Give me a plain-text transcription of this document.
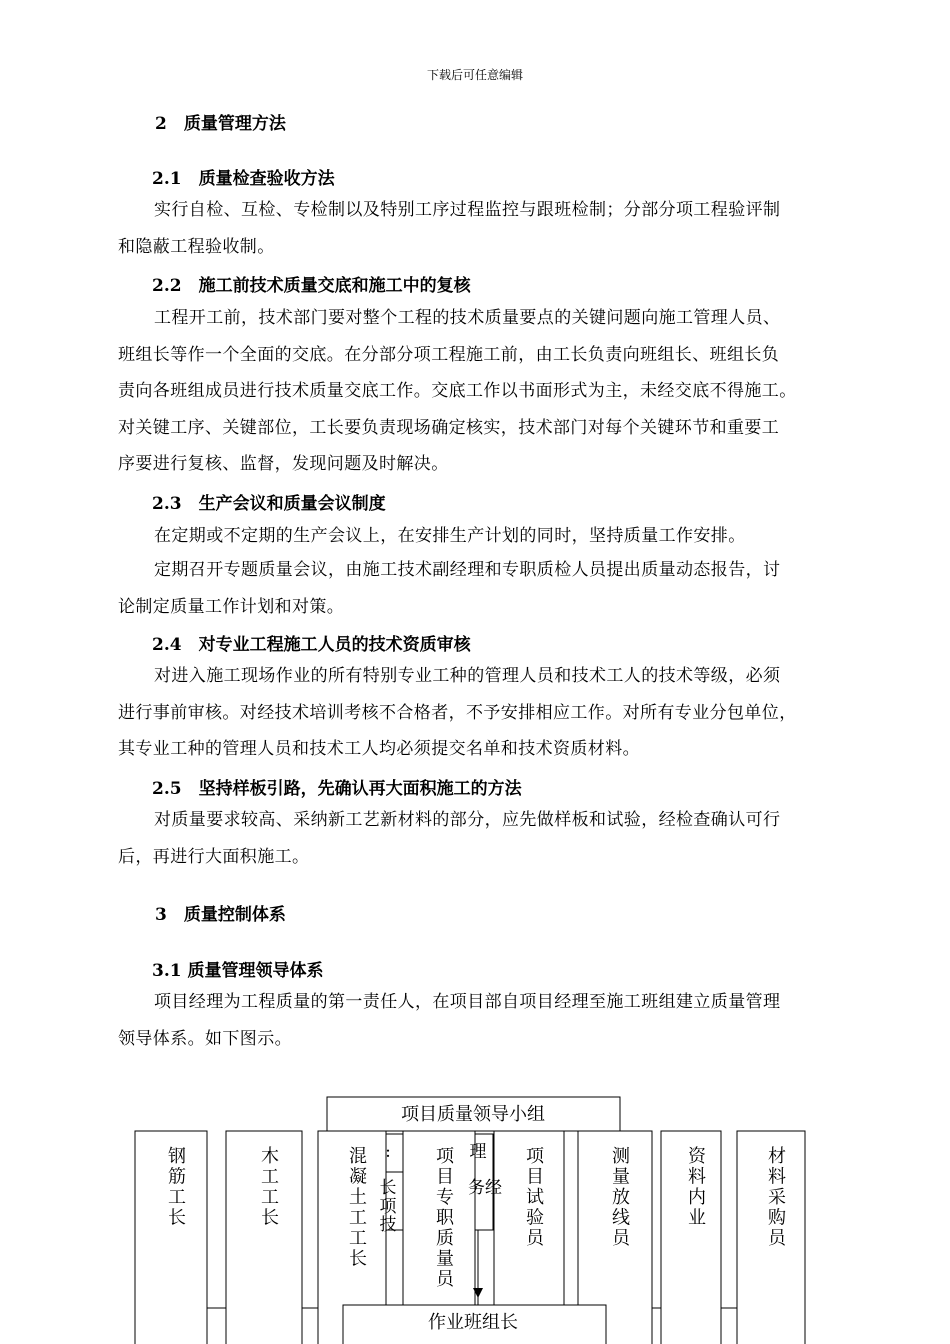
下载后可任意编辑
2　质量管理方法
2.1　质量检查验收方法
实行自检、互检、专检制以及特别工序过程监控与跟班检制；分部分项工程验评制
和隐蔽工程验收制。
2.2　施工前技术质量交底和施工中的复核
工程开工前，技术部门要对整个工程的技术质量要点的关键问题向施工管理人员、
班组长等作一个全面的交底。在分部分项工程施工前，由工长负责向班组长、班组长负
责向各班组成员进行技术质量交底工作。交底工作以书面形式为主，未经交底不得施工。
对关键工序、关键部位，工长要负责现场确定核实，技术部门对每个关键环节和重要工
序要进行复核、监督，发现问题及时解决。
2.3　生产会议和质量会议制度
在定期或不定期的生产会议上，在安排生产计划的同时，坚持质量工作安排。
定期召开专题质量会议，由施工技术副经理和专职质检人员提出质量动态报告，讨
论制定质量工作计划和对策。
2.4　对专业工程施工人员的技术资质审核
对进入施工现场作业的所有特别专业工种的管理人员和技术工人的技术等级，必须
进行事前审核。对经技术培训考核不合格者，不予安排相应工作。对所有专业分包单位，
其专业工种的管理人员和技术工人均必须提交名单和技术资质材料。
2.5　坚持样板引路，先确认再大面积施工的方法
对质量要求较高、采纳新工艺新材料的部分，应先做样板和试验，经检查确认可行
后，再进行大面积施工。
3　质量控制体系
3.1 质量管理领导体系
项目经理为工程质量的第一责任人，在项目部自项目经理至施工班组建立质量管理
领导体系。如下图示。
项目质量领导小组
理
:
务经
长
项
技
钢
筋
工
长
木
工
工
长
混
凝
土
工
工
长
项
目
专
职
质
量
员
项
目
试
验
员
测
量
放
线
员
资
料
内
业
材
料
采
购
员
作业班组长
